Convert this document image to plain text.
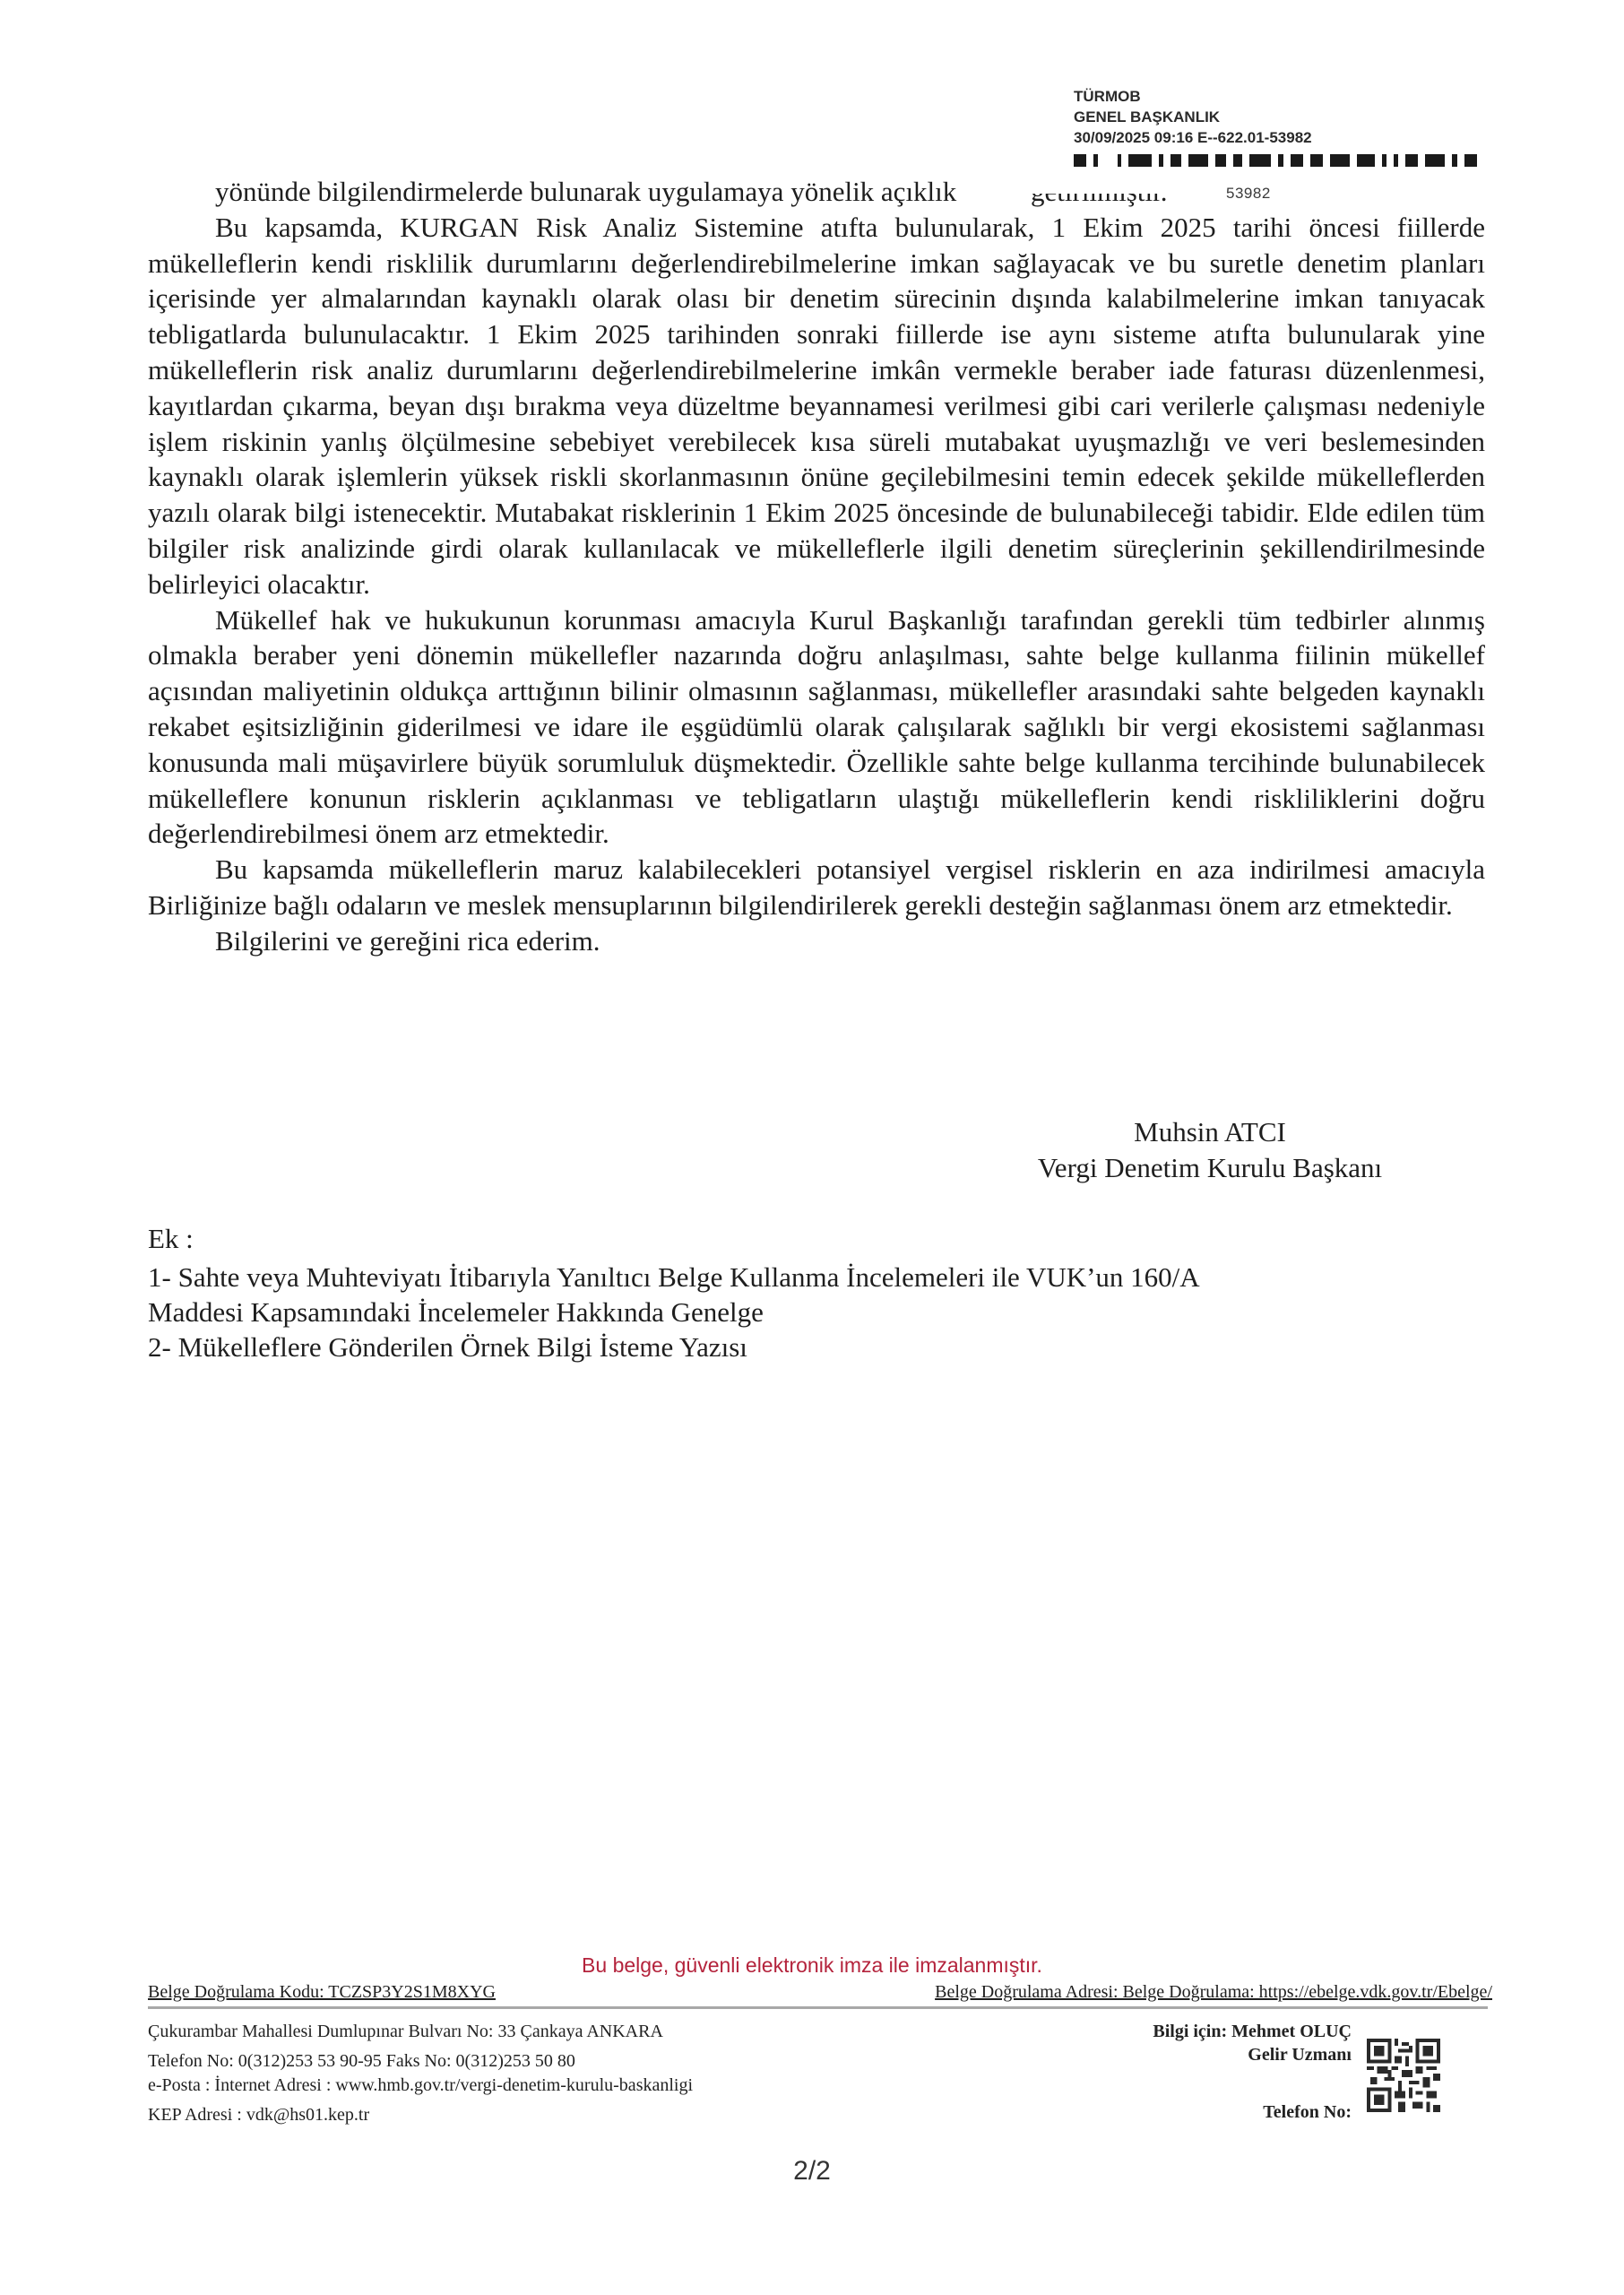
TÜRMOB
GENEL BAŞKANLIK
30/09/2025 09:16 E--622.01-53982
53982

yönünde bilgilendirmelerde bulunarak uygulamaya yönelik açıklık

Bu kapsamda, KURGAN Risk Analiz Sistemine atıfta bulunularak, 1 Ekim 2025 tarihi öncesi fiillerde mükelleflerin kendi risklilik durumlarını değerlendirebilmelerine imkan sağlayacak ve bu suretle denetim planları içerisinde yer almalarından kaynaklı olarak olası bir denetim sürecinin dışında kalabilmelerine imkan tanıyacak tebligatlarda bulunulacaktır. 1 Ekim 2025 tarihinden sonraki fiillerde ise aynı sisteme atıfta bulunularak yine mükelleflerin risk analiz durumlarını değerlendirebilmelerine imkân vermekle beraber iade faturası düzenlenmesi, kayıtlardan çıkarma, beyan dışı bırakma veya düzeltme beyannamesi verilmesi gibi cari verilerle çalışması nedeniyle işlem riskinin yanlış ölçülmesine sebebiyet verebilecek kısa süreli mutabakat uyuşmazlığı ve veri beslemesinden kaynaklı olarak işlemlerin yüksek riskli skorlanmasının önüne geçilebilmesini temin edecek şekilde mükelleflerden yazılı olarak bilgi istenecektir. Mutabakat risklerinin 1 Ekim 2025 öncesinde de bulunabileceği tabidir. Elde edilen tüm bilgiler risk analizinde girdi olarak kullanılacak ve mükelleflerle ilgili denetim süreçlerinin şekillendirilmesinde belirleyici olacaktır.

Mükellef hak ve hukukunun korunması amacıyla Kurul Başkanlığı tarafından gerekli tüm tedbirler alınmış olmakla beraber yeni dönemin mükellefler nazarında doğru anlaşılması, sahte belge kullanma fiilinin mükellef açısından maliyetinin oldukça arttığının bilinir olmasının sağlanması, mükellefler arasındaki sahte belgeden kaynaklı rekabet eşitsizliğinin giderilmesi ve idare ile eşgüdümlü olarak çalışılarak sağlıklı bir vergi ekosistemi sağlanması konusunda mali müşavirlere büyük sorumluluk düşmektedir. Özellikle sahte belge kullanma tercihinde bulunabilecek mükelleflere konunun risklerin açıklanması ve tebligatların ulaştığı mükelleflerin kendi riskliliklerini doğru değerlendirebilmesi önem arz etmektedir.

Bu kapsamda mükelleflerin maruz kalabilecekleri potansiyel vergisel risklerin en aza indirilmesi amacıyla Birliğinize bağlı odaların ve meslek mensuplarının bilgilendirilerek gerekli desteğin sağlanması önem arz etmektedir.

Bilgilerini ve gereğini rica ederim.

Muhsin ATCI
Vergi Denetim Kurulu Başkanı
Ek :
1- Sahte veya Muhteviyatı İtibarıyla Yanıltıcı Belge Kullanma İncelemeleri ile VUK’un 160/A
Maddesi Kapsamındaki İncelemeler Hakkında Genelge
2- Mükelleflere Gönderilen Örnek Bilgi İsteme Yazısı
Bu belge, güvenli elektronik imza ile imzalanmıştır.
Belge Doğrulama Kodu: TCZSP3Y2S1M8XYG	Belge Doğrulama Adresi: Belge Doğrulama: https://ebelge.vdk.gov.tr/Ebelge/
Çukurambar Mahallesi Dumlupınar Bulvarı No: 33 Çankaya ANKARA
Telefon No: 0(312)253 53 90-95 Faks No: 0(312)253 50 80
e-Posta : İnternet Adresi : www.hmb.gov.tr/vergi-denetim-kurulu-baskanligi
KEP Adresi : vdk@hs01.kep.tr
Bilgi için: Mehmet OLUÇ
Gelir Uzmanı
Telefon No:
2/2
